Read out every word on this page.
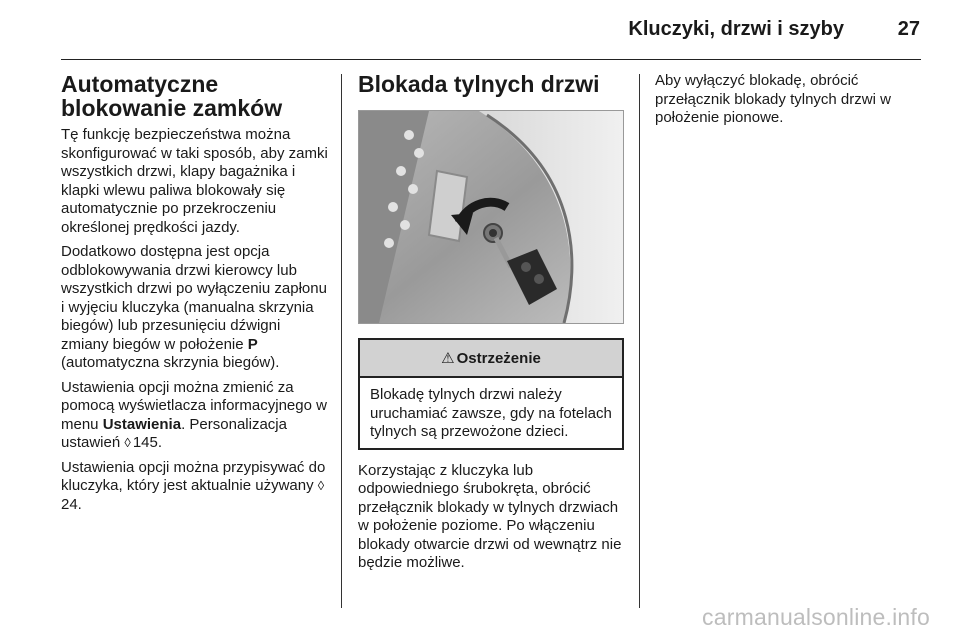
Kluczyki, drzwi i szyby	27
Automatyczne blokowanie zamków

Tę funkcję bezpieczeństwa można skonfigurować w taki sposób, aby zamki wszystkich drzwi, klapy bagażnika i klapki wlewu paliwa blokowały się automatycznie po przekroczeniu określonej prędkości jazdy.

Dodatkowo dostępna jest opcja odblokowywania drzwi kierowcy lub wszystkich drzwi po wyłączeniu zapłonu i wyjęciu kluczyka (manualna skrzynia biegów) lub przesunięciu dźwigni zmiany biegów w położenie P (automatyczna skrzynia biegów).

Ustawienia opcji można zmienić za pomocą wyświetlacza informacyjnego w menu Ustawienia. Personalizacja ustawień ◊ 145.

Ustawienia opcji można przypisywać do kluczyka, który jest aktualnie używany ◊24.

Blokada tylnych drzwi
⚠ Ostrzeżenie
Blokadę tylnych drzwi należy uruchamiać zawsze, gdy na fotelach tylnych są przewożone dzieci.

Korzystając z kluczyka lub odpowiedniego śrubokręta, obrócić przełącznik blokady w tylnych drzwiach w położenie poziome. Po włączeniu blokady otwarcie drzwi od wewnątrz nie będzie możliwe.

Aby wyłączyć blokadę, obrócić przełącznik blokady tylnych drzwi w położenie pionowe.

carmanualsonline.info
